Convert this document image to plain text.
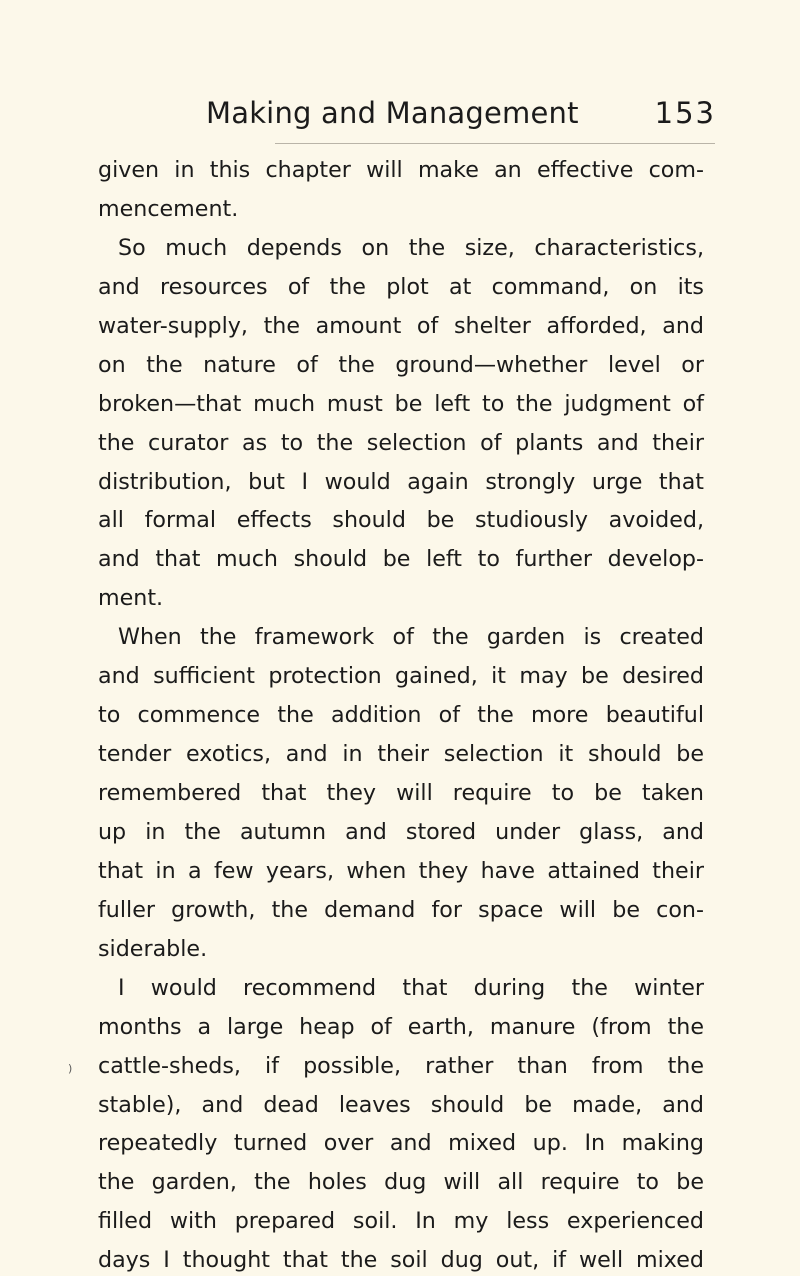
Making and Management	153
given in this chapter will make an effective com-
mencement.
So much depends on the size, characteristics,
and resources of the plot at command, on its
water-supply, the amount of shelter afforded, and
on the nature of the ground—whether level or
broken—that much must be left to the judgment of
the curator as to the selection of plants and their
distribution, but I would again strongly urge that
all formal effects should be studiously avoided,
and that much should be left to further develop-
ment.
When the framework of the garden is created
and sufficient protection gained, it may be desired
to commence the addition of the more beautiful
tender exotics, and in their selection it should be
remembered that they will require to be taken
up in the autumn and stored under glass, and
that in a few years, when they have attained their
fuller growth, the demand for space will be con-
siderable.
I would recommend that during the winter
months a large heap of earth, manure (from the
cattle-sheds, if possible, rather than from the
stable), and dead leaves should be made, and
repeatedly turned over and mixed up. In making
the garden, the holes dug will all require to be
filled with prepared soil. In my less experienced
days I thought that the soil dug out, if well mixed
)
